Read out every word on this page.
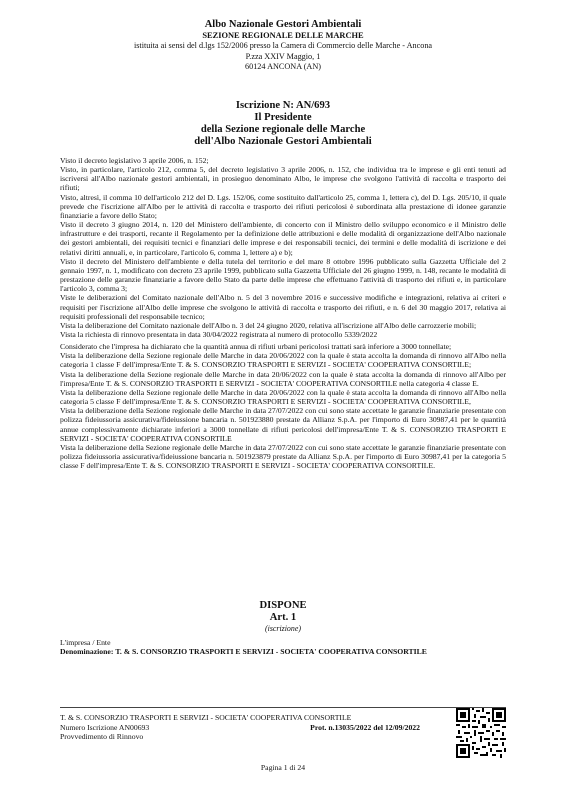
Albo Nazionale Gestori Ambientali
SEZIONE REGIONALE DELLE MARCHE
istituita ai sensi del d.lgs 152/2006 presso la Camera di Commercio delle Marche - Ancona
P.zza XXIV Maggio, 1
60124 ANCONA (AN)
Iscrizione N: AN/693
Il Presidente
della Sezione regionale delle Marche
dell'Albo Nazionale Gestori Ambientali

Visto il decreto legislativo 3 aprile 2006, n. 152;

Visto, in particolare, l'articolo 212, comma 5, del decreto legislativo 3 aprile 2006, n. 152, che individua tra le imprese e gli enti tenuti ad iscriversi all'Albo nazionale gestori ambientali, in prosieguo denominato Albo, le imprese che svolgono l'attività di raccolta e trasporto dei rifiuti;

Visto, altresì, il comma 10 dell'articolo 212 del D. Lgs. 152/06, come sostituito dall'articolo 25, comma 1, lettera c), del D. Lgs. 205/10, il quale prevede che l'iscrizione all'Albo per le attività di raccolta e trasporto dei rifiuti pericolosi è subordinata alla prestazione di idonee garanzie finanziarie a favore dello Stato;

Visto il decreto 3 giugno 2014, n. 120 del Ministero dell'ambiente, di concerto con il Ministro dello sviluppo economico e il Ministro delle infrastrutture e dei trasporti, recante il Regolamento per la definizione delle attribuzioni e delle modalità di organizzazione dell'Albo nazionale dei gestori ambientali, dei requisiti tecnici e finanziari delle imprese e dei responsabili tecnici, dei termini e delle modalità di iscrizione e dei relativi diritti annuali, e, in particolare, l'articolo 6, comma 1, lettere a) e b);

Visto il decreto del Ministero dell'ambiente e della tutela del territorio e del mare 8 ottobre 1996 pubblicato sulla Gazzetta Ufficiale del 2 gennaio 1997, n. 1, modificato con decreto 23 aprile 1999, pubblicato sulla Gazzetta Ufficiale del 26 giugno 1999, n. 148, recante le modalità di prestazione delle garanzie finanziarie a favore dello Stato da parte delle imprese che effettuano l'attività di trasporto dei rifiuti e, in particolare l'articolo 3, comma 3;

Viste le deliberazioni del Comitato nazionale dell'Albo n. 5 del 3 novembre 2016 e successive modifiche e integrazioni, relativa ai criteri e requisiti per l'iscrizione all'Albo delle imprese che svolgono le attività di raccolta e trasporto dei rifiuti, e n. 6 del 30 maggio 2017, relativa ai requisiti professionali del responsabile tecnico;

Vista la deliberazione del Comitato nazionale dell'Albo n. 3 del 24 giugno 2020, relativa all'iscrizione all'Albo delle carrozzerie mobili;

Vista la richiesta di rinnovo presentata in data 30/04/2022 registrata al numero di protocollo 5339/2022

Considerato che l'impresa ha dichiarato che la quantità annua di rifiuti urbani pericolosi trattati sarà inferiore a 3000 tonnellate;

Vista la deliberazione della Sezione regionale delle Marche in data 20/06/2022 con la quale è stata accolta la domanda di rinnovo all'Albo nella categoria 1 classe F dell'impresa/Ente T. & S. CONSORZIO TRASPORTI E SERVIZI - SOCIETA' COOPERATIVA CONSORTILE;

Vista la deliberazione della Sezione regionale delle Marche in data 20/06/2022 con la quale è stata accolta la domanda di rinnovo all'Albo per l'impresa/Ente T. & S. CONSORZIO TRASPORTI E SERVIZI - SOCIETA' COOPERATIVA CONSORTILE nella categoria 4 classe E.

Vista la deliberazione della Sezione regionale delle Marche in data 20/06/2022 con la quale è stata accolta la domanda di rinnovo all'Albo nella categoria 5 classe F dell'impresa/Ente T. & S. CONSORZIO TRASPORTI E SERVIZI - SOCIETA' COOPERATIVA CONSORTILE,

Vista la deliberazione della Sezione regionale delle Marche in data 27/07/2022 con cui sono state accettate le garanzie finanziarie presentate con polizza fideiussoria assicurativa/fideiussione bancaria n. 501923880 prestate da Allianz S.p.A. per l'importo di Euro 30987,41 per le quantità annue complessivamente dichiarate inferiori a 3000 tonnellate di rifiuti pericolosi dell'impresa/Ente T. & S. CONSORZIO TRASPORTI E SERVIZI - SOCIETA' COOPERATIVA CONSORTILE

Vista la deliberazione della Sezione regionale delle Marche in data 27/07/2022 con cui sono state accettate le garanzie finanziarie presentate con polizza fideiussoria assicurativa/fideiussione bancaria n. 501923879 prestate da Allianz S.p.A. per l'importo di Euro 30987,41 per la categoria 5 classe F dell'impresa/Ente T. & S. CONSORZIO TRASPORTI E SERVIZI - SOCIETA' COOPERATIVA CONSORTILE.

DISPONE
Art. 1
(iscrizione)
L'impresa / Ente
Denominazione: T. & S. CONSORZIO TRASPORTI E SERVIZI - SOCIETA' COOPERATIVA CONSORTILE
T. & S. CONSORZIO TRASPORTI E SERVIZI - SOCIETA' COOPERATIVA CONSORTILE
Numero Iscrizione AN00693	Prot. n.13035/2022 del 12/09/2022
Provvedimento di Rinnovo
Pagina 1 di 24
